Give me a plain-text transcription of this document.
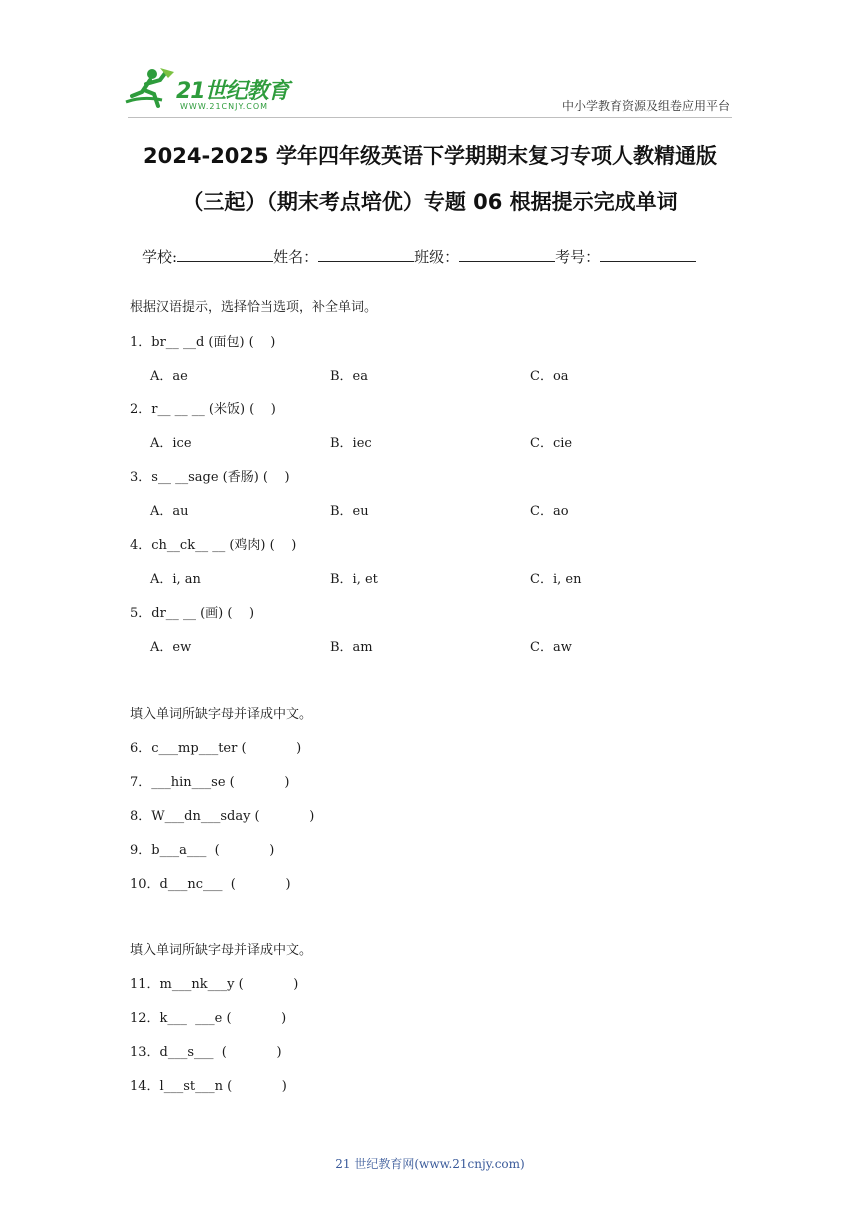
21世纪教育
WWW.21CNJY.COM	中小学教育资源及组卷应用平台
2024-2025 学年四年级英语下学期期末复习专项人教精通版
（三起）（期末考点培优）专题 06 根据提示完成单词
学校:	姓名：	班级：	考号：
根据汉语提示，选择恰当选项，补全单词。
1．br__ __d (面包) (    )
A．ae	B．ea	C．oa
2．r__ __ __ (米饭) (    )
A．ice	B．iec	C．cie
3．s__ __sage (香肠) (    )
A．au	B．eu	C．ao
4．ch__ck__ __ (鸡肉) (    )
A．i, an	B．i, et	C．i, en
5．dr__ __ (画) (    )
A．ew	B．am	C．aw
填入单词所缺字母并译成中文。
6．c___mp___ter (            )
7．___hin___se (            )
8．W___dn___sday (            )
9．b___a___  (            )
10．d___nc___  (            )
填入单词所缺字母并译成中文。
11．m___nk___y (            )
12．k___  ___e (            )
13．d___s___  (            )
14．l___st___n (            )
21 世纪教育网(www.21cnjy.com)
